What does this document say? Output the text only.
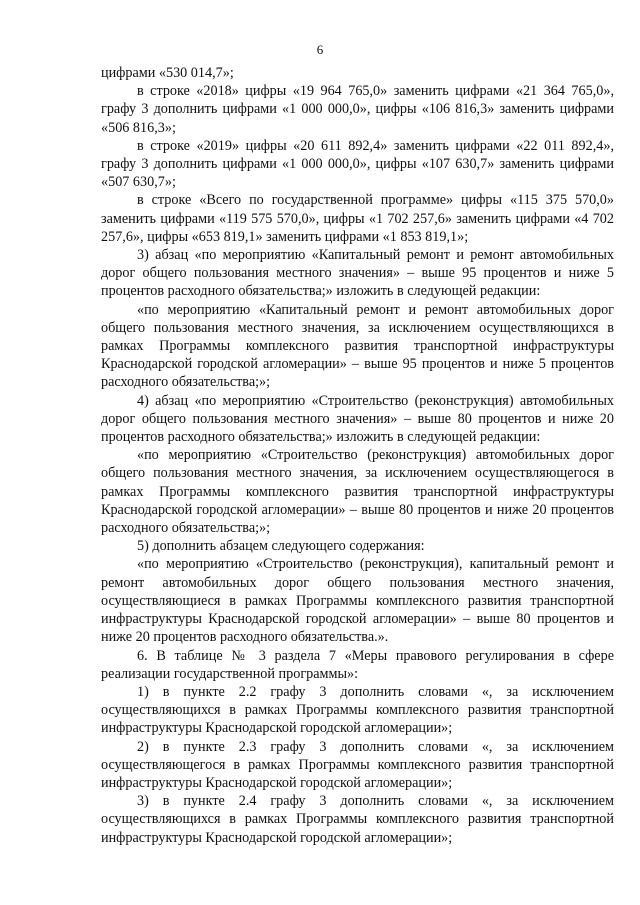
6

цифрами «530 014,7»;

в строке «2018» цифры «19 964 765,0» заменить цифрами «21 364 765,0», графу 3 дополнить цифрами «1 000 000,0», цифры «106 816,3» заменить цифрами «506 816,3»;

в строке «2019» цифры «20 611 892,4» заменить цифрами «22 011 892,4», графу 3 дополнить цифрами «1 000 000,0», цифры «107 630,7» заменить цифрами «507 630,7»;

в строке «Всего по государственной программе» цифры «115 375 570,0» заменить цифрами «119 575 570,0», цифры «1 702 257,6» заменить цифрами «4 702 257,6», цифры «653 819,1» заменить цифрами «1 853 819,1»;

3) абзац «по мероприятию «Капитальный ремонт и ремонт автомобильных дорог общего пользования местного значения» – выше 95 процентов и ниже 5 процентов расходного обязательства;» изложить в следующей редакции:

«по мероприятию «Капитальный ремонт и ремонт автомобильных дорог общего пользования местного значения, за исключением осуществляющихся в рамках Программы комплексного развития транспортной инфраструктуры Краснодарской городской агломерации» – выше 95 процентов и ниже 5 процентов расходного обязательства;»;

4) абзац «по мероприятию «Строительство (реконструкция) автомобильных дорог общего пользования местного значения» – выше 80 процентов и ниже 20 процентов расходного обязательства;» изложить в следующей редакции:

«по мероприятию «Строительство (реконструкция) автомобильных дорог общего пользования местного значения, за исключением осуществляющегося в рамках Программы комплексного развития транспортной инфраструктуры Краснодарской городской агломерации» – выше 80 процентов и ниже 20 процентов расходного обязательства;»;

5) дополнить абзацем следующего содержания:

«по мероприятию «Строительство (реконструкция), капитальный ремонт и ремонт автомобильных дорог общего пользования местного значения, осуществляющиеся в рамках Программы комплексного развития транспортной инфраструктуры Краснодарской городской агломерации» – выше 80 процентов и ниже 20 процентов расходного обязательства.».

6. В таблице № 3 раздела 7 «Меры правового регулирования в сфере реализации государственной программы»:

1) в пункте 2.2 графу 3 дополнить словами «, за исключением осуществляющихся в рамках Программы комплексного развития транспортной инфраструктуры Краснодарской городской агломерации»;

2) в пункте 2.3 графу 3 дополнить словами «, за исключением осуществляющегося в рамках Программы комплексного развития транспортной инфраструктуры Краснодарской городской агломерации»;

3) в пункте 2.4 графу 3 дополнить словами «, за исключением осуществляющихся в рамках Программы комплексного развития транспортной инфраструктуры Краснодарской городской агломерации»;
